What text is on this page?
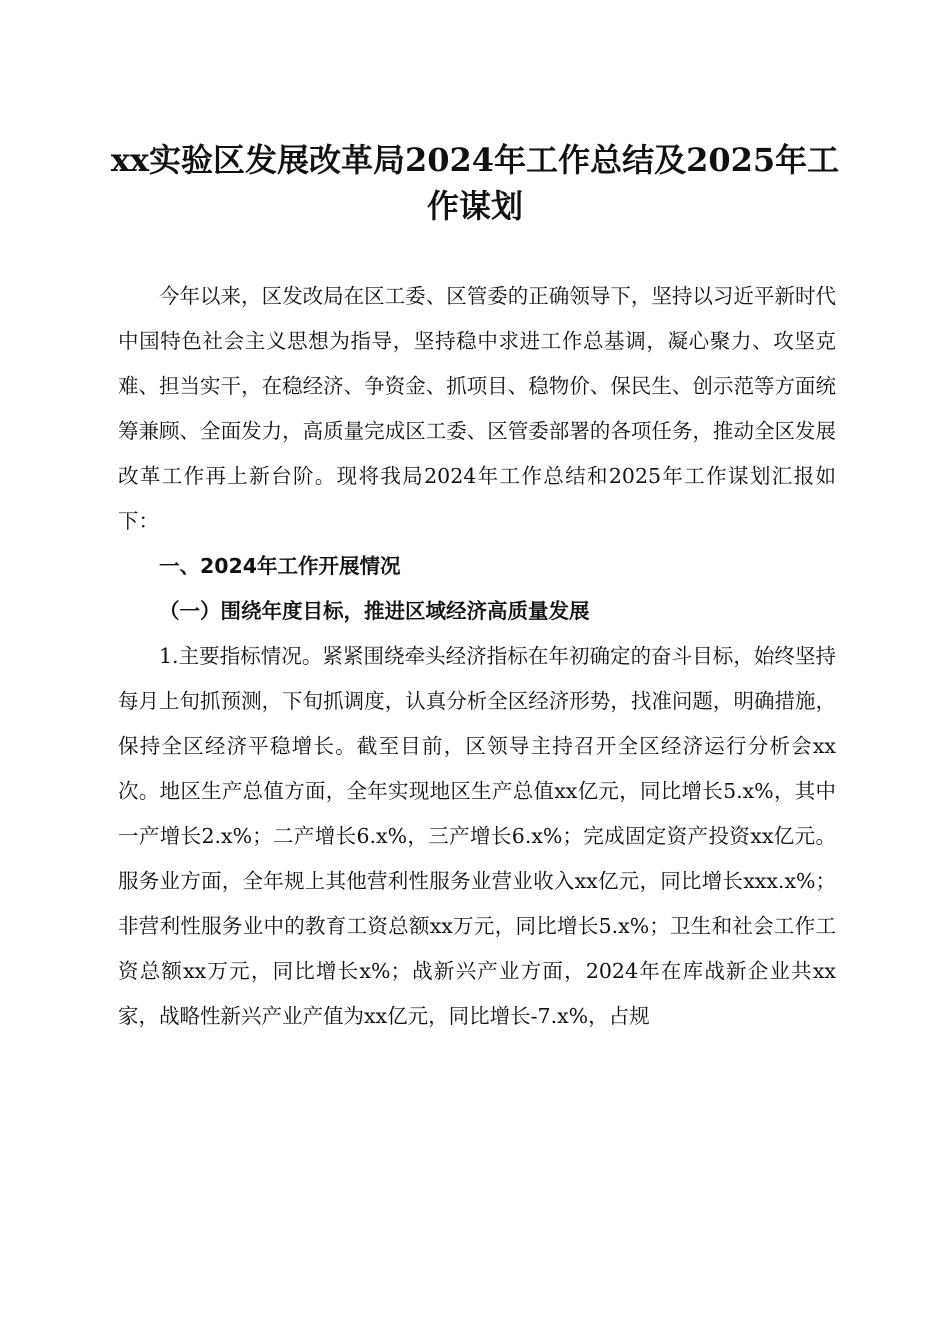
xx实验区发展改革局2024年工作总结及2025年工作谋划

今年以来，区发改局在区工委、区管委的正确领导下，坚持以习近平新时代中国特色社会主义思想为指导，坚持稳中求进工作总基调，凝心聚力、攻坚克难、担当实干，在稳经济、争资金、抓项目、稳物价、保民生、创示范等方面统筹兼顾、全面发力，高质量完成区工委、区管委部署的各项任务，推动全区发展改革工作再上新台阶。现将我局2024年工作总结和2025年工作谋划汇报如下：

一、2024年工作开展情况

（一）围绕年度目标，推进区域经济高质量发展

1.主要指标情况。紧紧围绕牵头经济指标在年初确定的奋斗目标，始终坚持每月上旬抓预测，下旬抓调度，认真分析全区经济形势，找准问题，明确措施，保持全区经济平稳增长。截至目前，区领导主持召开全区经济运行分析会xx次。地区生产总值方面，全年实现地区生产总值xx亿元，同比增长5.x%，其中一产增长2.x%；二产增长6.x%，三产增长6.x%；完成固定资产投资xx亿元。服务业方面，全年规上其他营利性服务业营业收入xx亿元，同比增长xxx.x%；非营利性服务业中的教育工资总额xx万元，同比增长5.x%；卫生和社会工作工资总额xx万元，同比增长x%；战新兴产业方面，2024年在库战新企业共xx家，战略性新兴产业产值为xx亿元，同比增长-7.x%，占规
